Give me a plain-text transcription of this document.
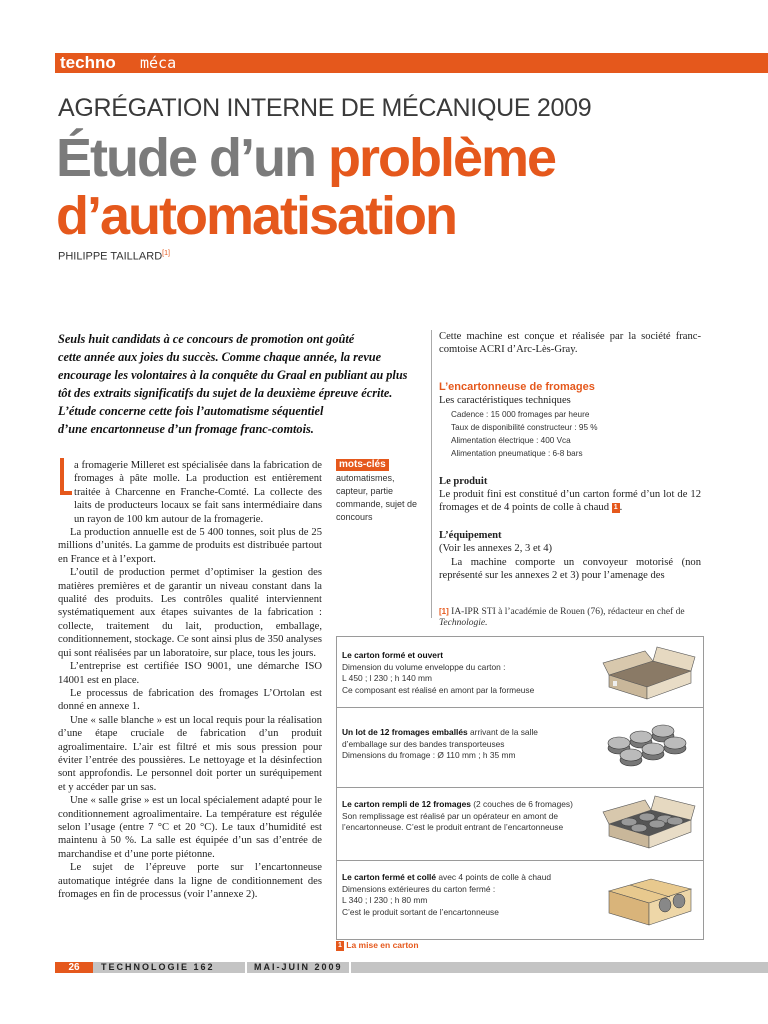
techno méca
AGRÉGATION INTERNE DE MÉCANIQUE 2009
Étude d’un problème
d’automatisation
PHILIPPE TAILLARD[1]
Seuls huit candidats à ce concours de promotion ont goûté
cette année aux joies du succès. Comme chaque année, la revue
encourage les volontaires à la conquête du Graal en publiant au plus
tôt des extraits significatifs du sujet de la deuxième épreuve écrite.
L’étude concerne cette fois l’automatisme séquentiel
d’une encartonneuse d’un fromage franc-comtois.

a fromagerie Milleret est spécialisée dans la fabrication de fromages à pâte molle. La production est entièrement traitée à Charcenne en Franche-Comté. La collecte des laits de producteurs locaux se fait sans intermédiaire dans un rayon de 100 km autour de la fromagerie.

La production annuelle est de 5 400 tonnes, soit plus de 25 millions d’unités. La gamme de produits est distribuée partout en France et à l’export.

L’outil de production permet d’optimiser la gestion des matières premières et de garantir un niveau constant dans la qualité des produits. Les contrôles qualité interviennent systématiquement aux étapes suivantes de la fabrication : collecte, traitement du lait, production, emballage, conditionnement, stockage. Ce sont ainsi plus de 350 analyses qui sont réalisées par un laboratoire, sur place, tous les jours.

L’entreprise est certifiée ISO 9001, une démarche ISO 14001 est en place.

Le processus de fabrication des fromages L’Ortolan est donné en annexe 1.

Une « salle blanche » est un local requis pour la réalisation d’une étape cruciale de fabrication d’un produit agroalimentaire. L’air est filtré et mis sous pression pour éviter l’entrée des poussières. Le nettoyage et la désinfection sont approfondis. Le personnel doit porter un suréquipement et y accéder par un sas.

Une « salle grise » est un local spécialement adapté pour le conditionnement agroalimentaire. La température est régulée selon l’usage (entre 7 °C et 20 °C). Le taux d’humidité est maintenu à 50 %. La salle est équipée d’un sas d’entrée de marchandise et d’une porte piétonne.

Le sujet de l’épreuve porte sur l’encartonneuse automatique intégrée dans la ligne de conditionnement des fromages en fin de processus (voir l’annexe 2).

mots-clés
automatismes, capteur, partie commande, sujet de concours

Cette machine est conçue et réalisée par la société franc-comtoise ACRI d’Arc-Lès-Gray.

L’encartonneuse de fromages

Les caractéristiques techniques

Cadence : 15 000 fromages par heure
Taux de disponibilité constructeur : 95 %
Alimentation électrique : 400 Vca
Alimentation pneumatique : 6-8 bars

Le produit

Le produit fini est constitué d’un carton formé d’un lot de 12 fromages et de 4 points de colle à chaud 1 .

L’équipement

(Voir les annexes 2, 3 et 4)

La machine comporte un convoyeur motorisé (non représenté sur les annexes 2 et 3) pour l’amenage des

[1] IA-IPR STI à l’académie de Rouen (76), rédacteur en chef de Technologie.
Le carton formé et ouvert
Dimension du volume enveloppe du carton :
L 450 ; l 230 ; h 140 mm
Ce composant est réalisé en amont par la formeuse
Un lot de 12 fromages emballés arrivant de la salle
d’emballage sur des bandes transporteuses
Dimensions du fromage : Ø 110 mm ; h 35 mm
Le carton rempli de 12 fromages (2 couches de 6 fromages)
Son remplissage est réalisé par un opérateur en amont de
l’encartonneuse. C’est le produit entrant de l’encartonneuse
Le carton fermé et collé avec 4 points de colle à chaud
Dimensions extérieures du carton fermé :
L 340 ; l 230 ; h 80 mm
C’est le produit sortant de l’encartonneuse
1 La mise en carton
26	TECHNOLOGIE 162	MAI-JUIN 2009
